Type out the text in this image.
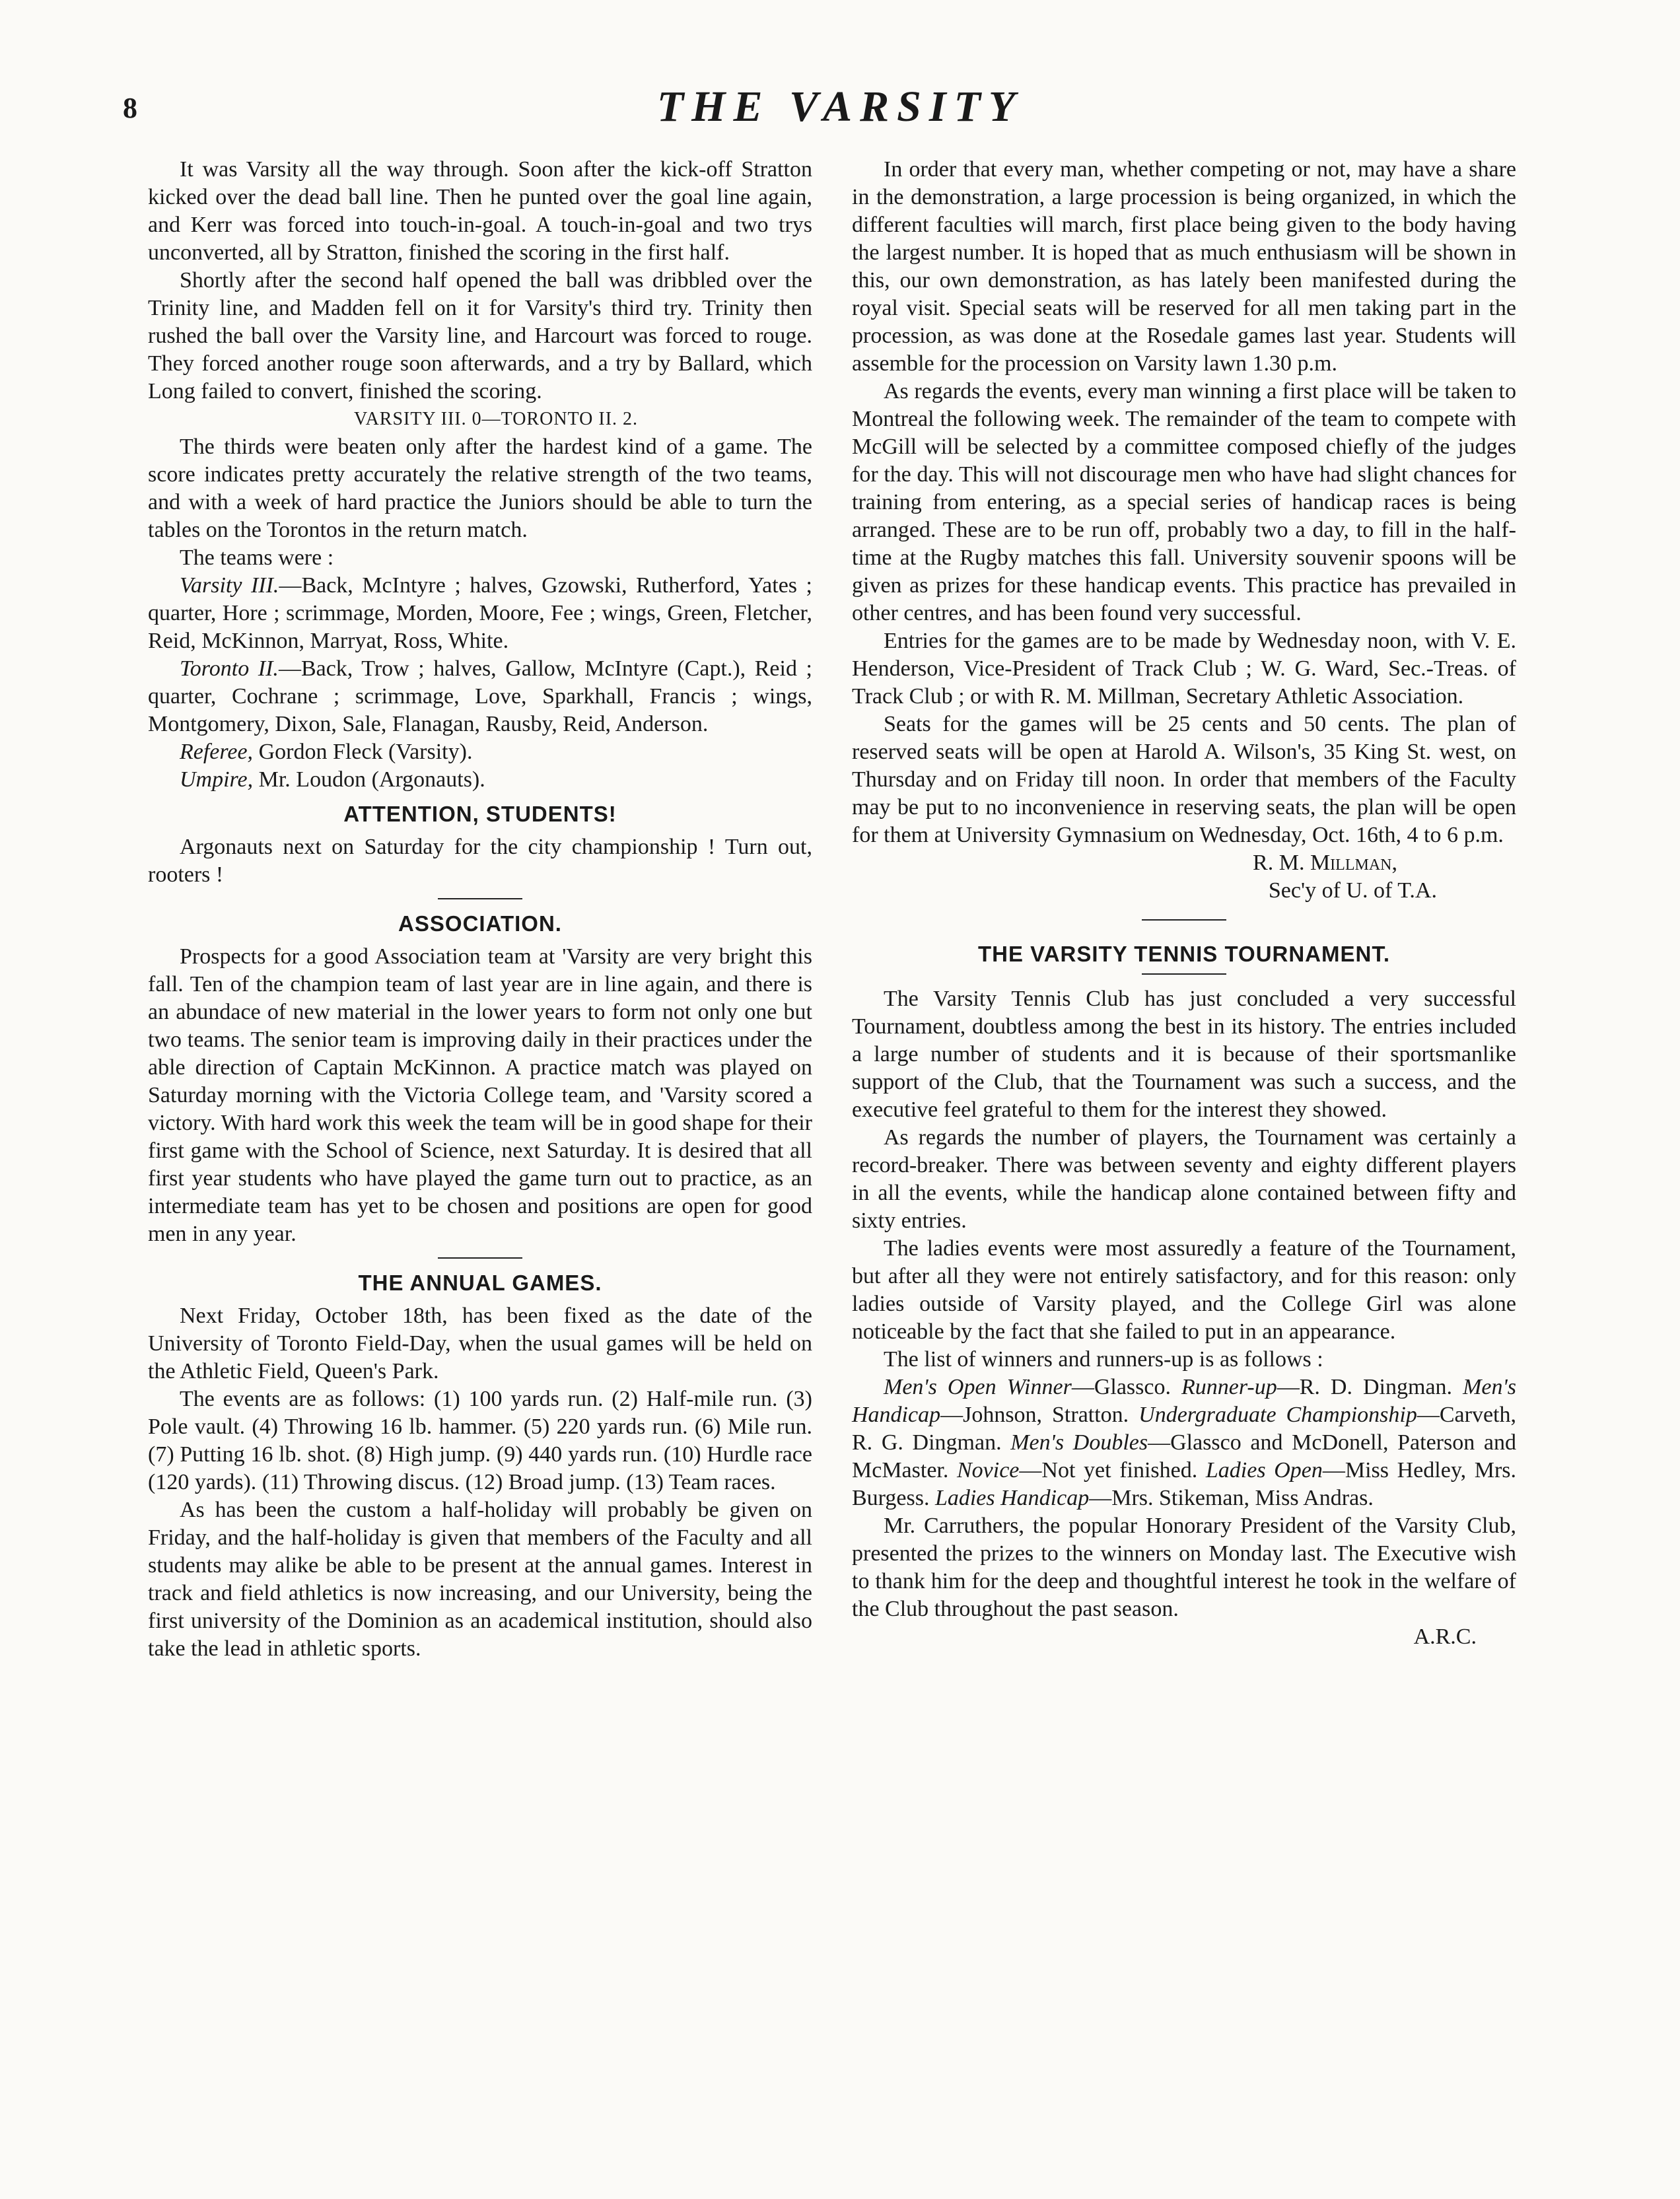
8	THE VARSITY

It was Varsity all the way through. Soon after the kick-off Stratton kicked over the dead ball line. Then he punted over the goal line again, and Kerr was forced into touch-in-goal. A touch-in-goal and two trys unconverted, all by Stratton, finished the scoring in the first half.

Shortly after the second half opened the ball was dribbled over the Trinity line, and Madden fell on it for Varsity's third try. Trinity then rushed the ball over the Varsity line, and Harcourt was forced to rouge. They forced another rouge soon afterwards, and a try by Ballard, which Long failed to convert, finished the scoring.

VARSITY III. 0—TORONTO II. 2.

The thirds were beaten only after the hardest kind of a game. The score indicates pretty accurately the relative strength of the two teams, and with a week of hard practice the Juniors should be able to turn the tables on the Torontos in the return match.

The teams were :

Varsity III.—Back, McIntyre ; halves, Gzowski, Rutherford, Yates ; quarter, Hore ; scrimmage, Morden, Moore, Fee ; wings, Green, Fletcher, Reid, McKinnon, Marryat, Ross, White.

Toronto II.—Back, Trow ; halves, Gallow, McIntyre (Capt.), Reid ; quarter, Cochrane ; scrimmage, Love, Sparkhall, Francis ; wings, Montgomery, Dixon, Sale, Flanagan, Rausby, Reid, Anderson.

Referee, Gordon Fleck (Varsity).

Umpire, Mr. Loudon (Argonauts).

ATTENTION, STUDENTS!

Argonauts next on Saturday for the city championship ! Turn out, rooters !

ASSOCIATION.

Prospects for a good Association team at 'Varsity are very bright this fall. Ten of the champion team of last year are in line again, and there is an abundace of new material in the lower years to form not only one but two teams. The senior team is improving daily in their practices under the able direction of Captain McKinnon. A practice match was played on Saturday morning with the Victoria College team, and 'Varsity scored a victory. With hard work this week the team will be in good shape for their first game with the School of Science, next Saturday. It is desired that all first year students who have played the game turn out to practice, as an intermediate team has yet to be chosen and positions are open for good men in any year.

THE ANNUAL GAMES.

Next Friday, October 18th, has been fixed as the date of the University of Toronto Field-Day, when the usual games will be held on the Athletic Field, Queen's Park.

The events are as follows: (1) 100 yards run. (2) Half-mile run. (3) Pole vault. (4) Throwing 16 lb. hammer. (5) 220 yards run. (6) Mile run. (7) Putting 16 lb. shot. (8) High jump. (9) 440 yards run. (10) Hurdle race (120 yards). (11) Throwing discus. (12) Broad jump. (13) Team races.

As has been the custom a half-holiday will probably be given on Friday, and the half-holiday is given that members of the Faculty and all students may alike be able to be present at the annual games. Interest in track and field athletics is now increasing, and our University, being the first university of the Dominion as an academical institution, should also take the lead in athletic sports.

In order that every man, whether competing or not, may have a share in the demonstration, a large procession is being organized, in which the different faculties will march, first place being given to the body having the largest number. It is hoped that as much enthusiasm will be shown in this, our own demonstration, as has lately been manifested during the royal visit. Special seats will be reserved for all men taking part in the procession, as was done at the Rosedale games last year. Students will assemble for the procession on Varsity lawn 1.30 p.m.

As regards the events, every man winning a first place will be taken to Montreal the following week. The remainder of the team to compete with McGill will be selected by a committee composed chiefly of the judges for the day. This will not discourage men who have had slight chances for training from entering, as a special series of handicap races is being arranged. These are to be run off, probably two a day, to fill in the half-time at the Rugby matches this fall. University souvenir spoons will be given as prizes for these handicap events. This practice has prevailed in other centres, and has been found very successful.

Entries for the games are to be made by Wednesday noon, with V. E. Henderson, Vice-President of Track Club ; W. G. Ward, Sec.-Treas. of Track Club ; or with R. M. Millman, Secretary Athletic Association.

Seats for the games will be 25 cents and 50 cents. The plan of reserved seats will be open at Harold A. Wilson's, 35 King St. west, on Thursday and on Friday till noon. In order that members of the Faculty may be put to no inconvenience in reserving seats, the plan will be open for them at University Gymnasium on Wednesday, Oct. 16th, 4 to 6 p.m.

R. M. Millman,

Sec'y of U. of T.A.

THE VARSITY TENNIS TOURNAMENT.

The Varsity Tennis Club has just concluded a very successful Tournament, doubtless among the best in its history. The entries included a large number of students and it is because of their sportsmanlike support of the Club, that the Tournament was such a success, and the executive feel grateful to them for the interest they showed.

As regards the number of players, the Tournament was certainly a record-breaker. There was between seventy and eighty different players in all the events, while the handicap alone contained between fifty and sixty entries.

The ladies events were most assuredly a feature of the Tournament, but after all they were not entirely satisfactory, and for this reason: only ladies outside of Varsity played, and the College Girl was alone noticeable by the fact that she failed to put in an appearance.

The list of winners and runners-up is as follows :

Men's Open Winner—Glassco. Runner-up—R. D. Dingman. Men's Handicap—Johnson, Stratton. Undergraduate Championship—Carveth, R. G. Dingman. Men's Doubles—Glassco and McDonell, Paterson and McMaster. Novice—Not yet finished. Ladies Open—Miss Hedley, Mrs. Burgess. Ladies Handicap—Mrs. Stikeman, Miss Andras.

Mr. Carruthers, the popular Honorary President of the Varsity Club, presented the prizes to the winners on Monday last. The Executive wish to thank him for the deep and thoughtful interest he took in the welfare of the Club throughout the past season.

A.R.C.
